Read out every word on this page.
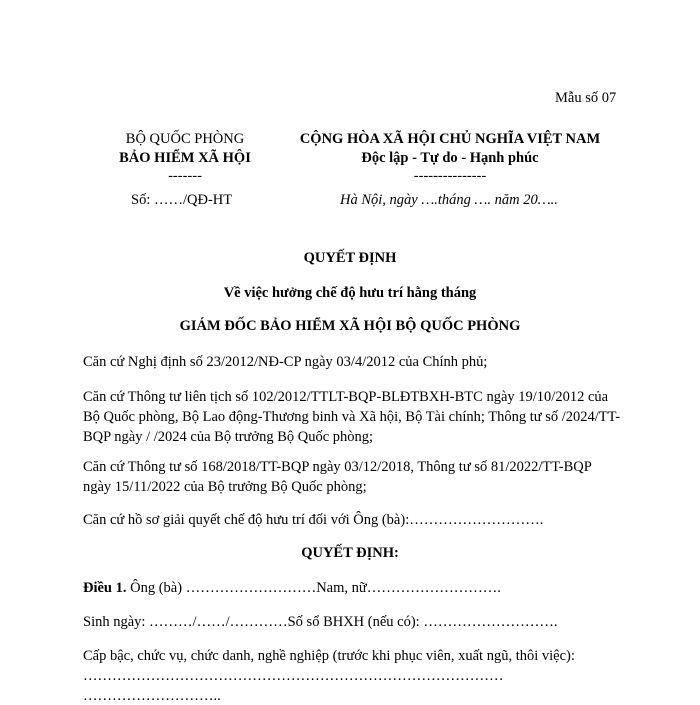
Mẫu số 07
BỘ QUỐC PHÒNG
BẢO HIỂM XÃ HỘI
-------
Số: ……/QĐ-HT
CỘNG HÒA XÃ HỘI CHỦ NGHĨA VIỆT NAM
Độc lập - Tự do - Hạnh phúc
---------------
Hà Nội, ngày ….tháng …. năm 20…..
QUYẾT ĐỊNH
Về việc hưởng chế độ hưu trí hằng tháng
GIÁM ĐỐC BẢO HIỂM XÃ HỘI BỘ QUỐC PHÒNG
Căn cứ Nghị định số 23/2012/NĐ-CP ngày 03/4/2012 của Chính phủ;
Căn cứ Thông tư liên tịch số 102/2012/TTLT-BQP-BLĐTBXH-BTC ngày 19/10/2012 của Bộ Quốc phòng, Bộ Lao động-Thương binh và Xã hội, Bộ Tài chính; Thông tư số /2024/TT-BQP ngày / /2024 của Bộ trưởng Bộ Quốc phòng;
Căn cứ Thông tư số 168/2018/TT-BQP ngày 03/12/2018, Thông tư số 81/2022/TT-BQP ngày 15/11/2022 của Bộ trưởng Bộ Quốc phòng;
Căn cứ hồ sơ giải quyết chế độ hưu trí đối với Ông (bà):……………………….
QUYẾT ĐỊNH:
Điều 1. Ông (bà) ………………………Nam, nữ……………………….
Sinh ngày: ………/……/…………Số sổ BHXH (nếu có): ……………………….
Cấp bậc, chức vụ, chức danh, nghề nghiệp (trước khi phục viên, xuất ngũ, thôi việc):
……………………………………………………………………………
………………………..
